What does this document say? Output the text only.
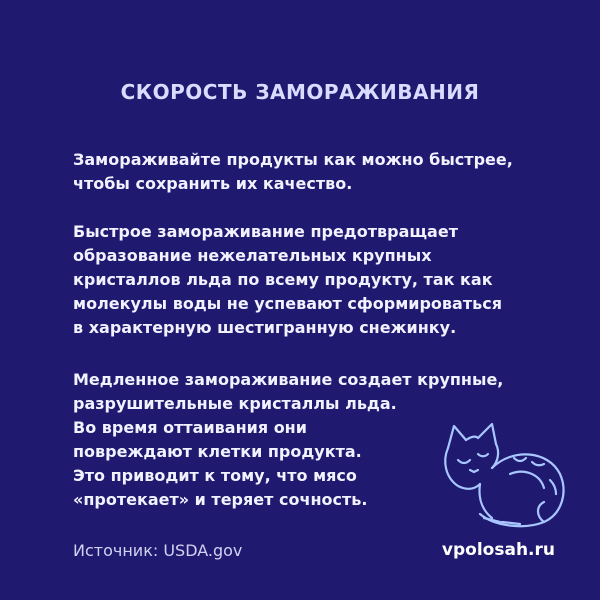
СКОРОСТЬ ЗАМОРАЖИВАНИЯ
Замораживайте продукты как можно быстрее,
чтобы сохранить их качество.
Быстрое замораживание предотвращает
образование нежелательных крупных
кристаллов льда по всему продукту, так как
молекулы воды не успевают сформироваться
в характерную шестигранную снежинку.
Медленное замораживание создает крупные,
разрушительные кристаллы льда.
Во время оттаивания они
повреждают клетки продукта.
Это приводит к тому, что мясо
«протекает» и теряет сочность.
Источник: USDA.gov	vpolosah.ru
